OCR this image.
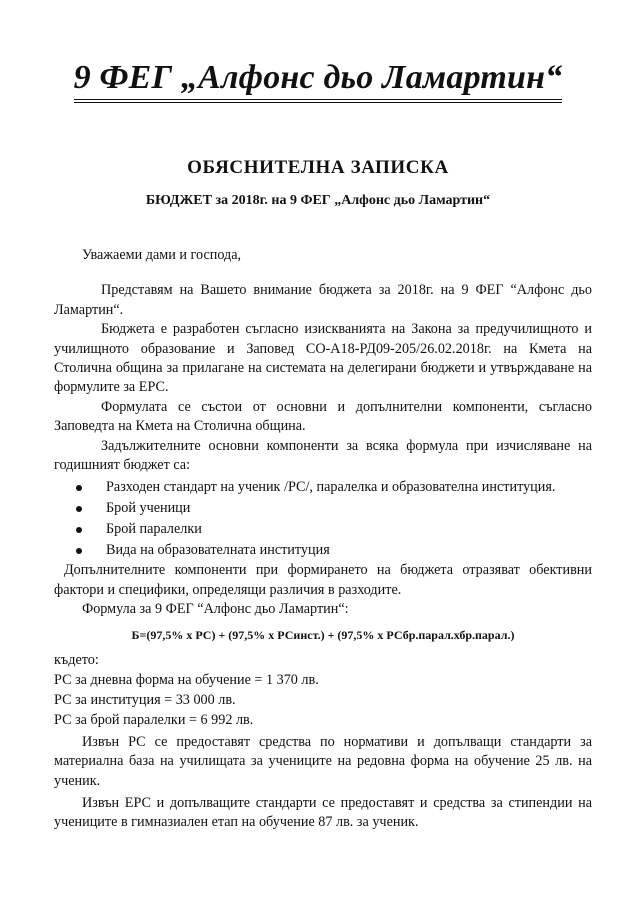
9 ФЕГ „Алфонс дьо Ламартин“
ОБЯСНИТЕЛНА ЗАПИСКА
БЮДЖЕТ за 2018г. на 9 ФЕГ „Алфонс дьо Ламартин“

Уважаеми дами и господа,

Представям на Вашето внимание бюджета за 2018г. на 9 ФЕГ “Алфонс дьо Ламартин“.

Бюджета е разработен съгласно изискванията на Закона за предучилищното и училищното образование и Заповед СО-А18-РД09-205/26.02.2018г. на Кмета на Столична община за прилагане на системата на делегирани бюджети и утвърждаване на формулите за ЕРС.

Формулата се състои от основни и допълнителни компоненти, съгласно Заповедта на Кмета на Столична община.

Задължителните основни компоненти за всяка формула при изчисляване на годишният бюджет са:

Разходен стандарт на ученик /РС/, паралелка и образователна институция.
Брой ученици
Брой паралелки
Вида на образователната институция

Допълнителните компоненти при формирането на бюджета отразяват обективни фактори и специфики, определящи различия в разходите.

Формула за 9 ФЕГ “Алфонс дьо Ламартин“:

Б=(97,5% х РС) + (97,5% х РСинст.) + (97,5% х РСбр.парал.хбр.парал.)

където:

РС за дневна форма на обучение = 1 370 лв.

РС за институция = 33 000 лв.

РС за брой паралелки = 6 992 лв.

Извън РС се предоставят средства по нормативи и допълващи стандарти за материална база на училищата за учениците на редовна форма на обучение 25 лв. на ученик.

Извън ЕРС и допълващите стандарти се предоставят и средства за стипендии на учениците в гимназиален етап на обучение 87 лв. за ученик.
